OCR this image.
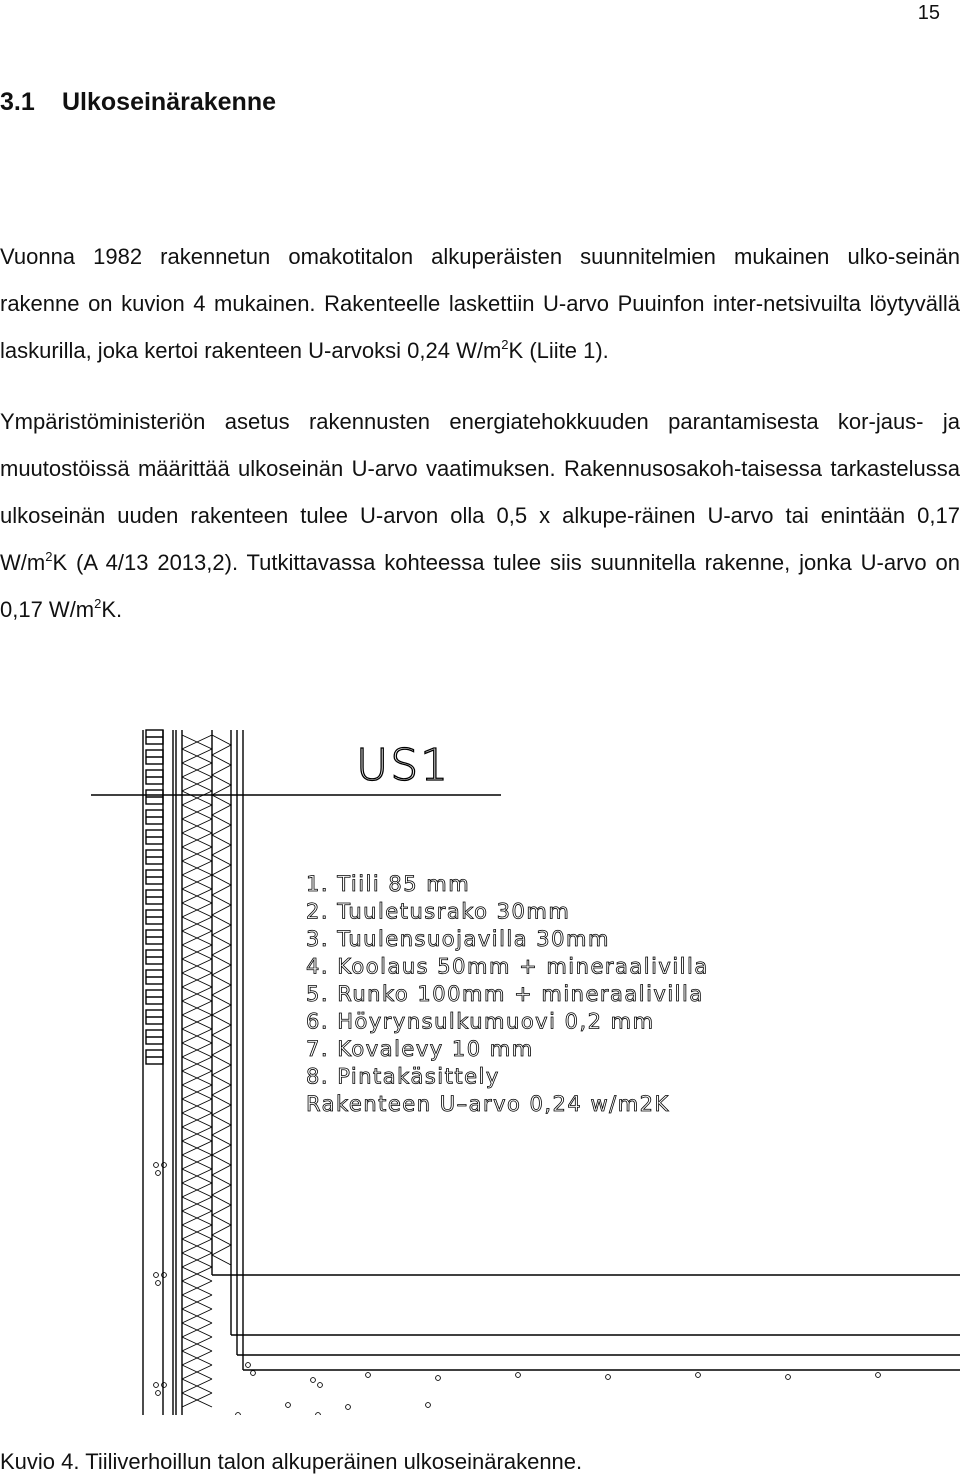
15
3.1 Ulkoseinärakenne

Vuonna 1982 rakennetun omakotitalon alkuperäisten suunnitelmien mukainen ulko-seinän rakenne on kuvion 4 mukainen. Rakenteelle laskettiin U-arvo Puuinfon inter-netsivuilta löytyvällä laskurilla, joka kertoi rakenteen U-arvoksi 0,24 $W/m^2K$ (Liite 1).

Ympäristöministeriön asetus rakennusten energiatehokkuuden parantamisesta kor-jaus- ja muutostöissä määrittää ulkoseinän U-arvo vaatimuksen. Rakennusosakoh-taisessa tarkastelussa ulkoseinän uuden rakenteen tulee U-arvon olla 0,5 x alkupe-räinen U-arvo tai enintään 0,17 $W/m^2K$ (A 4/13 2013,2). Tutkittavassa kohteessa tulee siis suunnitella rakenne, jonka U-arvo on 0,17 $W/m^2K$.

US1
1. Tiili 85 mm
2. Tuuletusrako 30mm
3. Tuulensuojavilla 30mm
4. Koolaus 50mm + mineraalivilla
5. Runko 100mm + mineraalivilla
6. Höyrynsulkumuovi 0,2 mm
7. Kovalevy 10 mm
8. Pintakäsittely
Rakenteen U–arvo 0,24 w/m2K

Kuvio 4. Tiiliverhoillun talon alkuperäinen ulkoseinärakenne.
